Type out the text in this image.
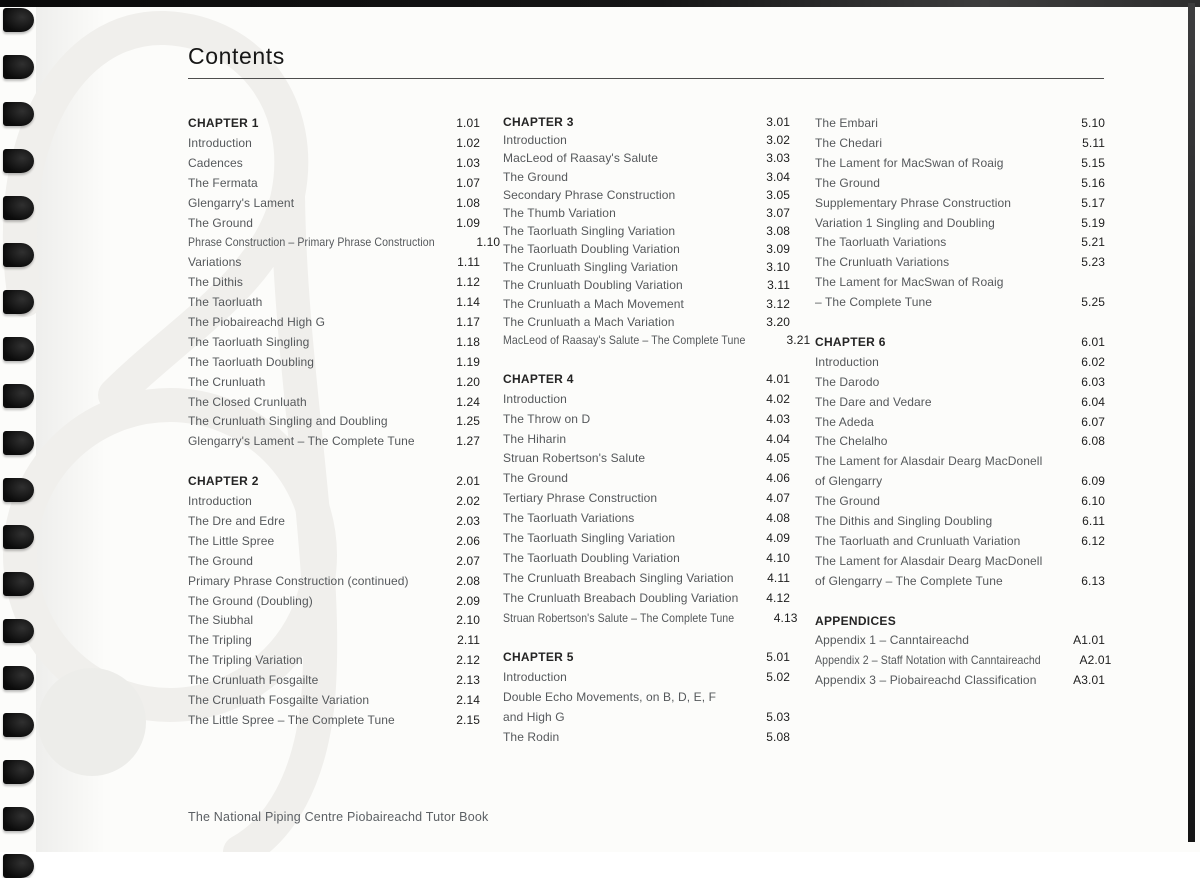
Contents
CHAPTER 1	1.01
Introduction	1.02
Cadences	1.03
The Fermata	1.07
Glengarry's Lament	1.08
The Ground	1.09
Phrase Construction – Primary Phrase Construction	1.10
Variations	1.11
The Dithis	1.12
The Taorluath	1.14
The Piobaireachd High G	1.17
The Taorluath Singling	1.18
The Taorluath Doubling	1.19
The Crunluath	1.20
The Closed Crunluath	1.24
The Crunluath Singling and Doubling	1.25
Glengarry's Lament – The Complete Tune	1.27
CHAPTER 2	2.01
Introduction	2.02
The Dre and Edre	2.03
The Little Spree	2.06
The Ground	2.07
Primary Phrase Construction (continued)	2.08
The Ground (Doubling)	2.09
The Siubhal	2.10
The Tripling	2.11
The Tripling Variation	2.12
The Crunluath Fosgailte	2.13
The Crunluath Fosgailte Variation	2.14
The Little Spree – The Complete Tune	2.15
CHAPTER 3	3.01
Introduction	3.02
MacLeod of Raasay's Salute	3.03
The Ground	3.04
Secondary Phrase Construction	3.05
The Thumb Variation	3.07
The Taorluath Singling Variation	3.08
The Taorluath Doubling Variation	3.09
The Crunluath Singling Variation	3.10
The Crunluath Doubling Variation	3.11
The Crunluath a Mach Movement	3.12
The Crunluath a Mach Variation	3.20
MacLeod of Raasay's Salute – The Complete Tune	3.21
CHAPTER 4	4.01
Introduction	4.02
The Throw on D	4.03
The Hiharin	4.04
Struan Robertson's Salute	4.05
The Ground	4.06
Tertiary Phrase Construction	4.07
The Taorluath Variations	4.08
The Taorluath Singling Variation	4.09
The Taorluath Doubling Variation	4.10
The Crunluath Breabach Singling Variation	4.11
The Crunluath Breabach Doubling Variation	4.12
Struan Robertson's Salute – The Complete Tune	4.13
CHAPTER 5	5.01
Introduction	5.02
Double Echo Movements, on B, D, E, F
and High G	5.03
The Rodin	5.08
The Embari	5.10
The Chedari	5.11
The Lament for MacSwan of Roaig	5.15
The Ground	5.16
Supplementary Phrase Construction	5.17
Variation 1 Singling and Doubling	5.19
The Taorluath Variations	5.21
The Crunluath Variations	5.23
The Lament for MacSwan of Roaig
– The Complete Tune	5.25
CHAPTER 6	6.01
Introduction	6.02
The Darodo	6.03
The Dare and Vedare	6.04
The Adeda	6.07
The Chelalho	6.08
The Lament for Alasdair Dearg MacDonell
of Glengarry	6.09
The Ground	6.10
The Dithis and Singling Doubling	6.11
The Taorluath and Crunluath Variation	6.12
The Lament for Alasdair Dearg MacDonell
of Glengarry – The Complete Tune	6.13
APPENDICES
Appendix 1 – Canntaireachd	A1.01
Appendix 2 – Staff Notation with Canntaireachd	A2.01
Appendix 3 – Piobaireachd Classification	A3.01
The National Piping Centre Piobaireachd Tutor Book
